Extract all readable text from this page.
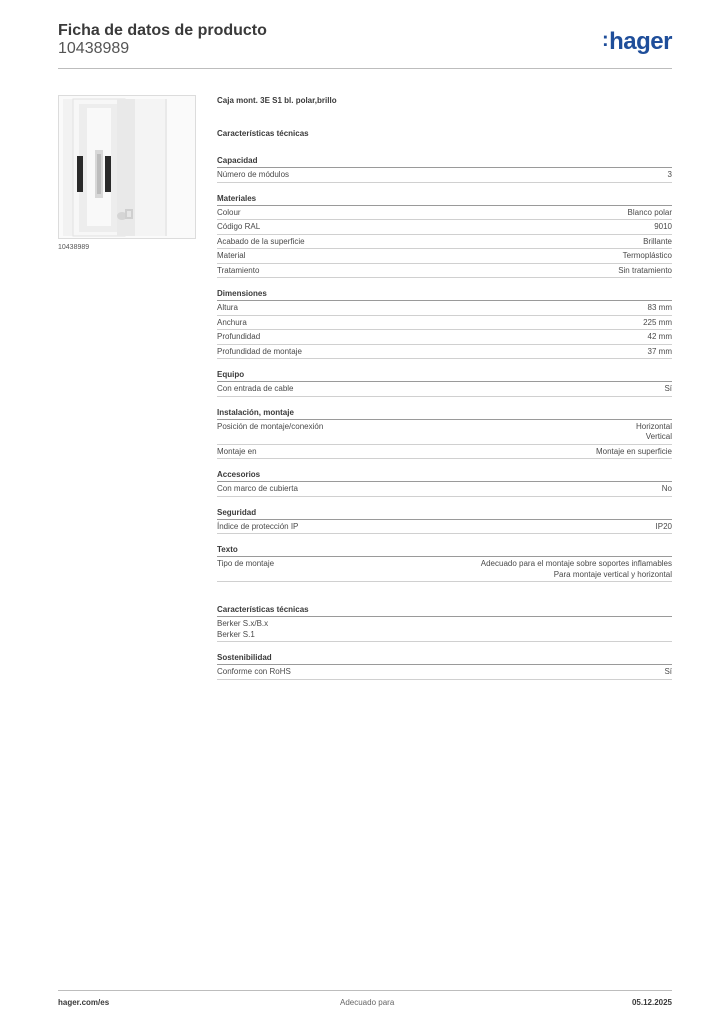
Ficha de datos de producto
10438989	:hager
10438989
Caja mont. 3E S1 bl. polar,brillo
Características técnicas
Capacidad
Número de módulos	3
Materiales
Colour	Blanco polar
Código RAL	9010
Acabado de la superficie	Brillante
Material	Termoplástico
Tratamiento	Sin tratamiento
Dimensiones
Altura	83 mm
Anchura	225 mm
Profundidad	42 mm
Profundidad de montaje	37 mm
Equipo
Con entrada de cable	Sí
Instalación, montaje
Posición de montaje/conexión	Horizontal
Vertical
Montaje en	Montaje en superficie
Accesorios
Con marco de cubierta	No
Seguridad
Índice de protección IP	IP20
Texto
Tipo de montaje	Adecuado para el montaje sobre soportes inflamables
Para montaje vertical y horizontal
Características técnicas
Berker S.x/B.x
Berker S.1
Sostenibilidad
Conforme con RoHS	Sí
hager.com/es	Adecuado para	05.12.2025
